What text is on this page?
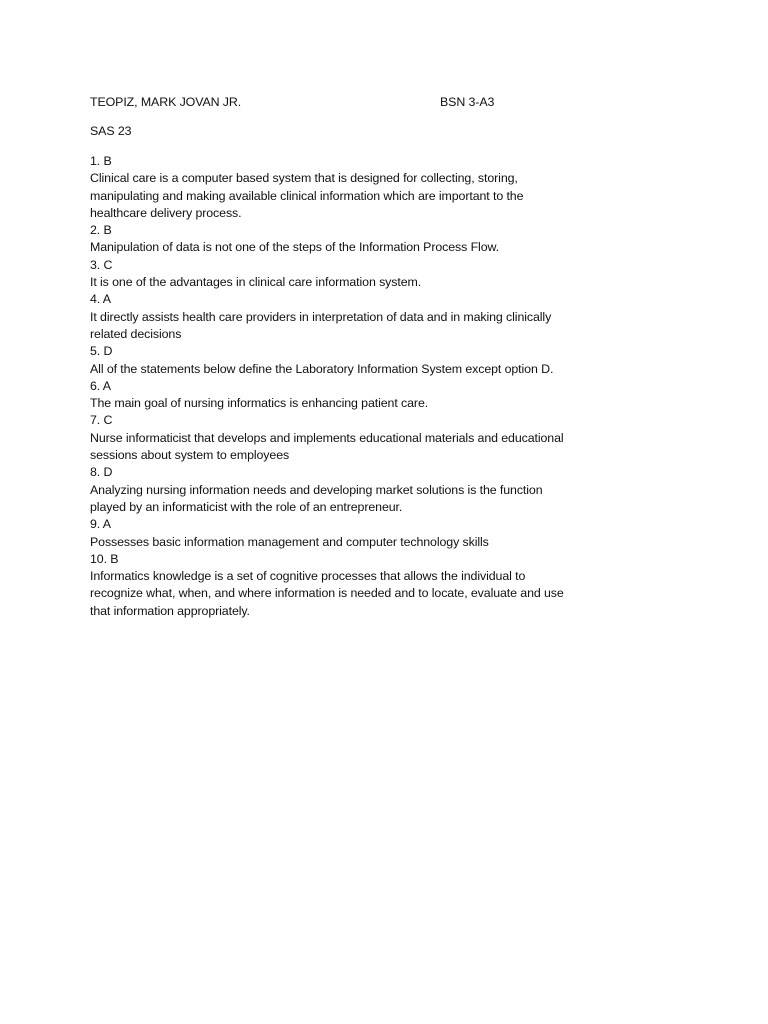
TEOPIZ, MARK JOVAN JR.	BSN 3-A3
SAS 23
1. B
Clinical care is a computer based system that is designed for collecting, storing, manipulating and making available clinical information which are important to the healthcare delivery process.
2. B
Manipulation of data is not one of the steps of the Information Process Flow.
3. C
It is one of the advantages in clinical care information system.
4. A
It directly assists health care providers in interpretation of data and in making clinically related decisions
5. D
All of the statements below define the Laboratory Information System except option D.
6. A
The main goal of nursing informatics is enhancing patient care.
7. C
Nurse informaticist that develops and implements educational materials and educational sessions about system to employees
8. D
Analyzing nursing information needs and developing market solutions is the function played by an informaticist with the role of an entrepreneur.
9. A
Possesses basic information management and computer technology skills
10. B
Informatics knowledge is a set of cognitive processes that allows the individual to recognize what, when, and where information is needed and to locate, evaluate and use that information appropriately.
